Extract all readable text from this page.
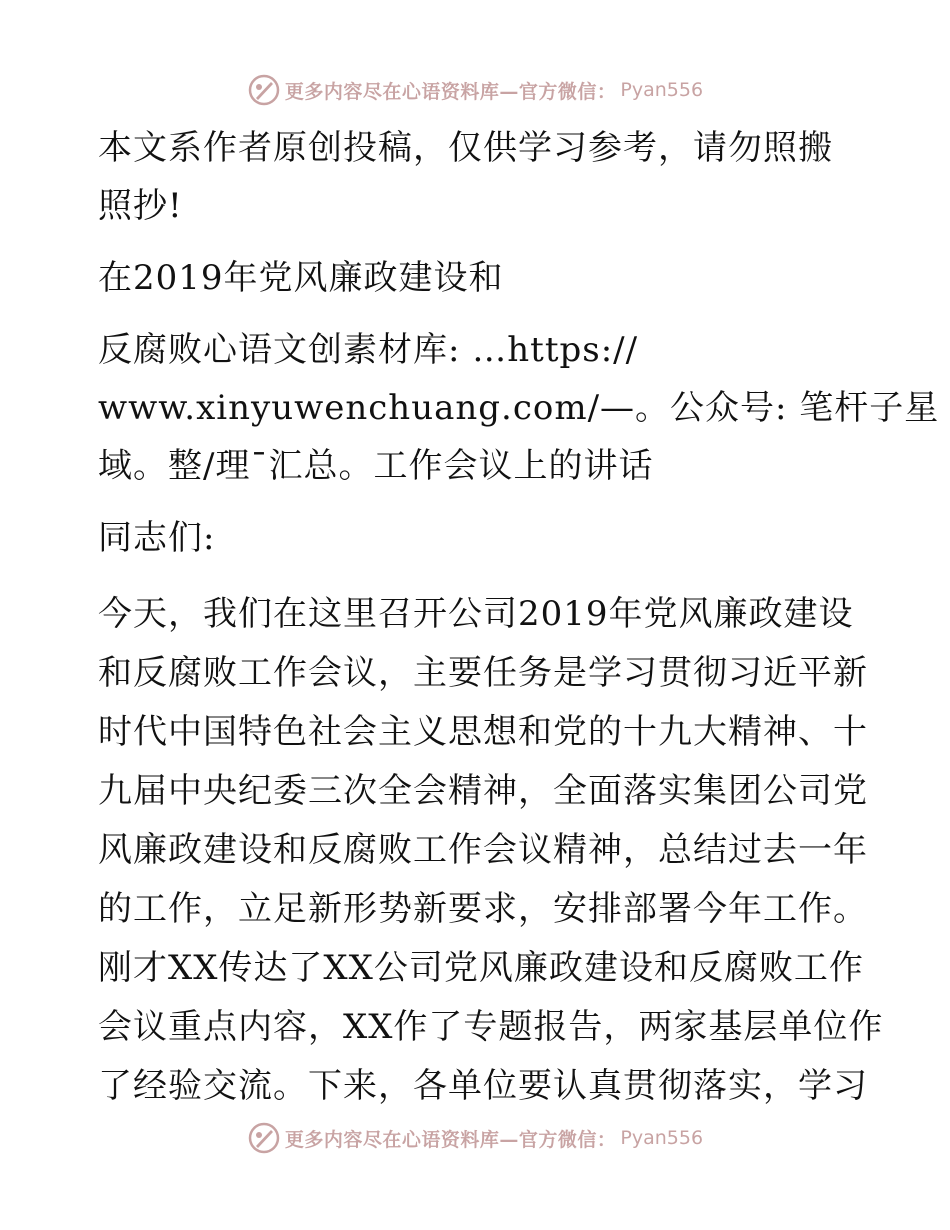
更多内容尽在心语资料库—官方微信： Pyan556
本文系作者原创投稿，仅供学习参考，请勿照搬
照抄!
在2019年党风廉政建设和
反腐败心语文创素材库: …https://
www.xinyuwenchuang.com/—。公众号: 笔杆子星
域。整/理¯汇总。工作会议上的讲话
同志们:
今天，我们在这里召开公司2019年党风廉政建设
和反腐败工作会议，主要任务是学习贯彻习近平新
时代中国特色社会主义思想和党的十九大精神、十
九届中央纪委三次全会精神，全面落实集团公司党
风廉政建设和反腐败工作会议精神，总结过去一年
的工作，立足新形势新要求，安排部署今年工作。
刚才XX传达了XX公司党风廉政建设和反腐败工作
会议重点内容，XX作了专题报告，两家基层单位作
了经验交流。下来，各单位要认真贯彻落实，学习
更多内容尽在心语资料库—官方微信： Pyan556
